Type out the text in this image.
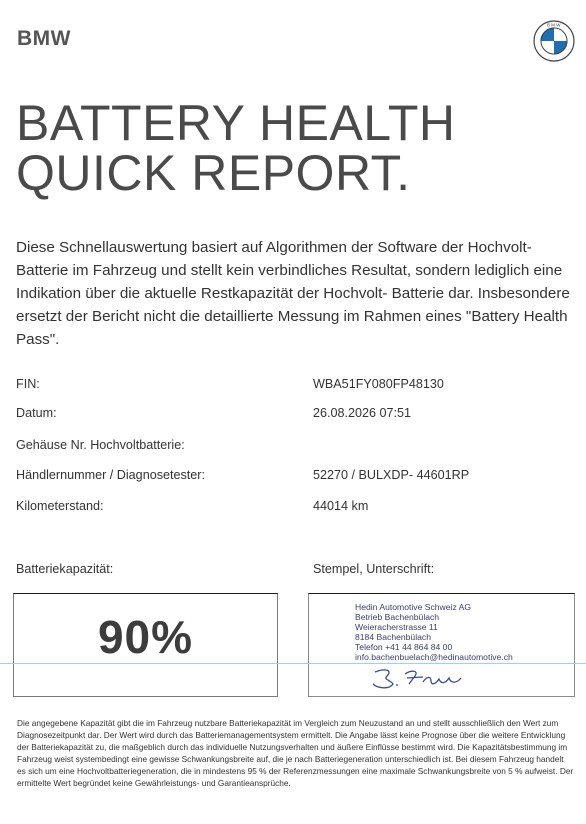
BMW
B M W
BATTERY HEALTH
QUICK REPORT.
Diese Schnellauswertung basiert auf Algorithmen der Software der Hochvolt- Batterie im Fahrzeug und stellt kein verbindliches Resultat, sondern lediglich eine Indikation über die aktuelle Restkapazität der Hochvolt- Batterie dar. Insbesondere ersetzt der Bericht nicht die detaillierte Messung im Rahmen eines "Battery Health Pass".
FIN:	WBA51FY080FP48130
Datum:	26.08.2026 07:51
Gehäuse Nr. Hochvoltbatterie:
Händlernummer / Diagnosetester:	52270 / BULXDP- 44601RP
Kilometerstand:	44014 km
Batteriekapazität:	Stempel, Unterschrift:
90%
Hedin Automotive Schweiz AG
Betrieb Bachenbülach
Weieracherstrasse 11
8184 Bachenbülach
Telefon +41 44 864 84 00
info.bachenbuelach@hedinautomotive.ch
Die angegebene Kapazität gibt die im Fahrzeug nutzbare Batteriekapazität im Vergleich zum Neuzustand an und stellt ausschließlich den Wert zum Diagnosezeitpunkt dar. Der Wert wird durch das Batteriemanagementsystem ermittelt. Die Angabe lässt keine Prognose über die weitere Entwicklung der Batteriekapazität zu, die maßgeblich durch das individuelle Nutzungsverhalten und äußere Einflüsse bestimmt wird. Die Kapazitätsbestimmung im Fahrzeug weist systembedingt eine gewisse Schwankungsbreite auf, die je nach Batteriegeneration unterschiedlich ist. Bei diesem Fahrzeug handelt es sich um eine Hochvoltbatteriegeneration, die in mindestens 95 % der Referenzmessungen eine maximale Schwankungsbreite von 5 % aufweist. Der ermittelte Wert begründet keine Gewährleistungs- und Garantieansprüche.
